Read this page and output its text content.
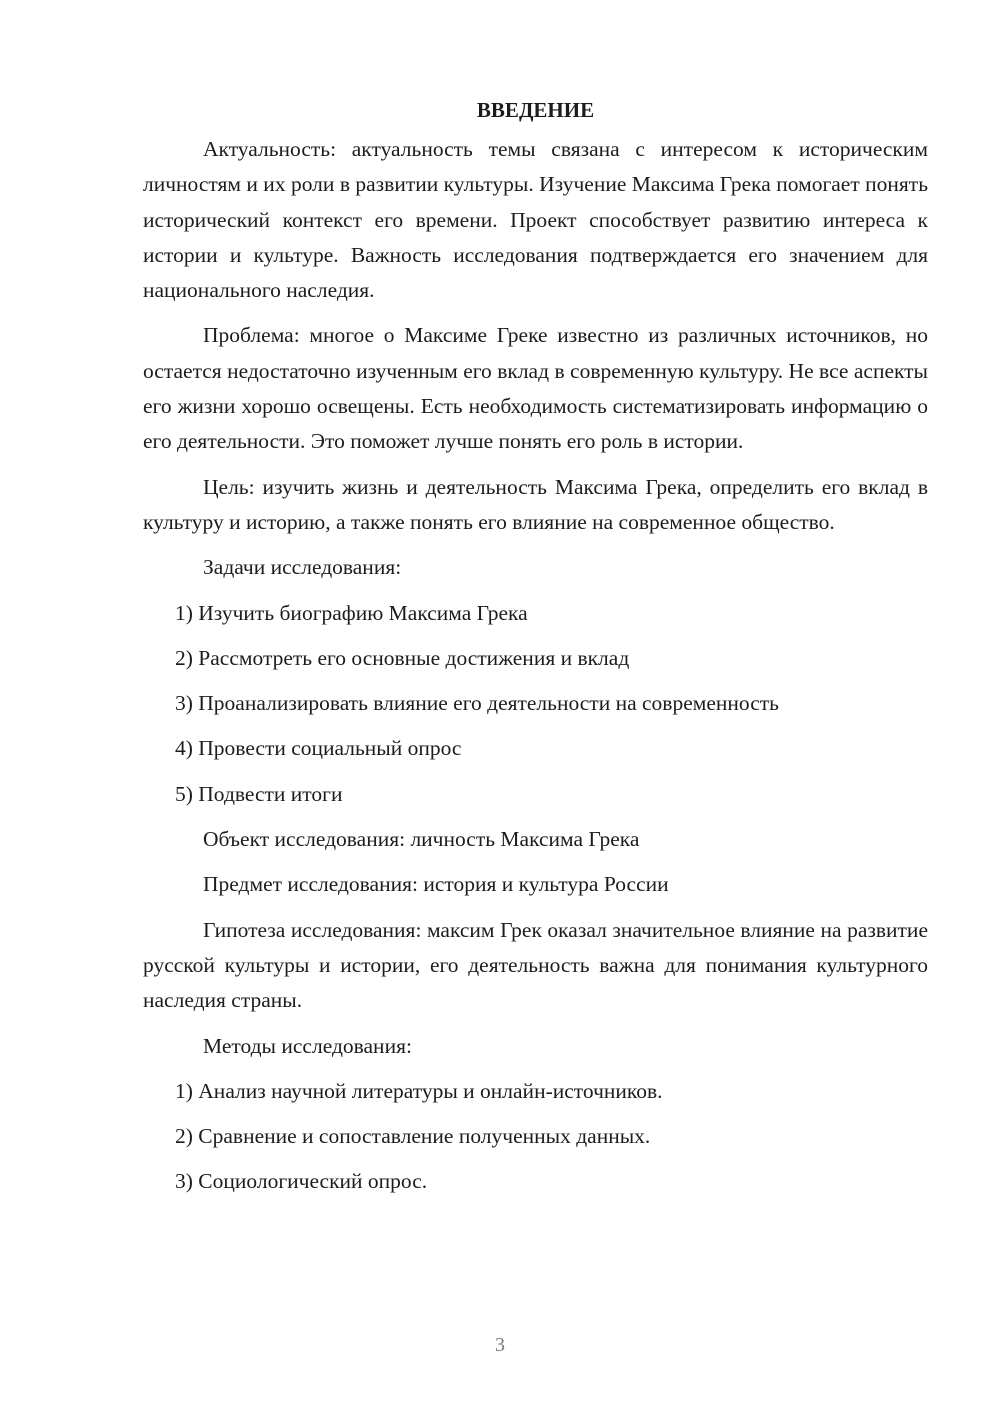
ВВЕДЕНИЕ

Актуальность: актуальность темы связана с интересом к историческим личностям и их роли в развитии культуры. Изучение Максима Грека помогает понять исторический контекст его времени. Проект способствует развитию интереса к истории и культуре. Важность исследования подтверждается его значением для национального наследия.

Проблема: многое о Максиме Греке известно из различных источников, но остается недостаточно изученным его вклад в современную культуру. Не все аспекты его жизни хорошо освещены. Есть необходимость систематизировать информацию о его деятельности. Это поможет лучше понять его роль в истории.

Цель: изучить жизнь и деятельность Максима Грека, определить его вклад в культуру и историю, а также понять его влияние на современное общество.

Задачи исследования:
1) Изучить биографию Максима Грека
2) Рассмотреть его основные достижения и вклад
3) Проанализировать влияние его деятельности на современность
4) Провести социальный опрос
5) Подвести итоги
Объект исследования: личность Максима Грека
Предмет исследования: история и культура России

Гипотеза исследования: максим Грек оказал значительное влияние на развитие русской культуры и истории, его деятельность важна для понимания культурного наследия страны.

Методы исследования:
1) Анализ научной литературы и онлайн-источников.
2) Сравнение и сопоставление полученных данных.
3) Социологический опрос.
3
